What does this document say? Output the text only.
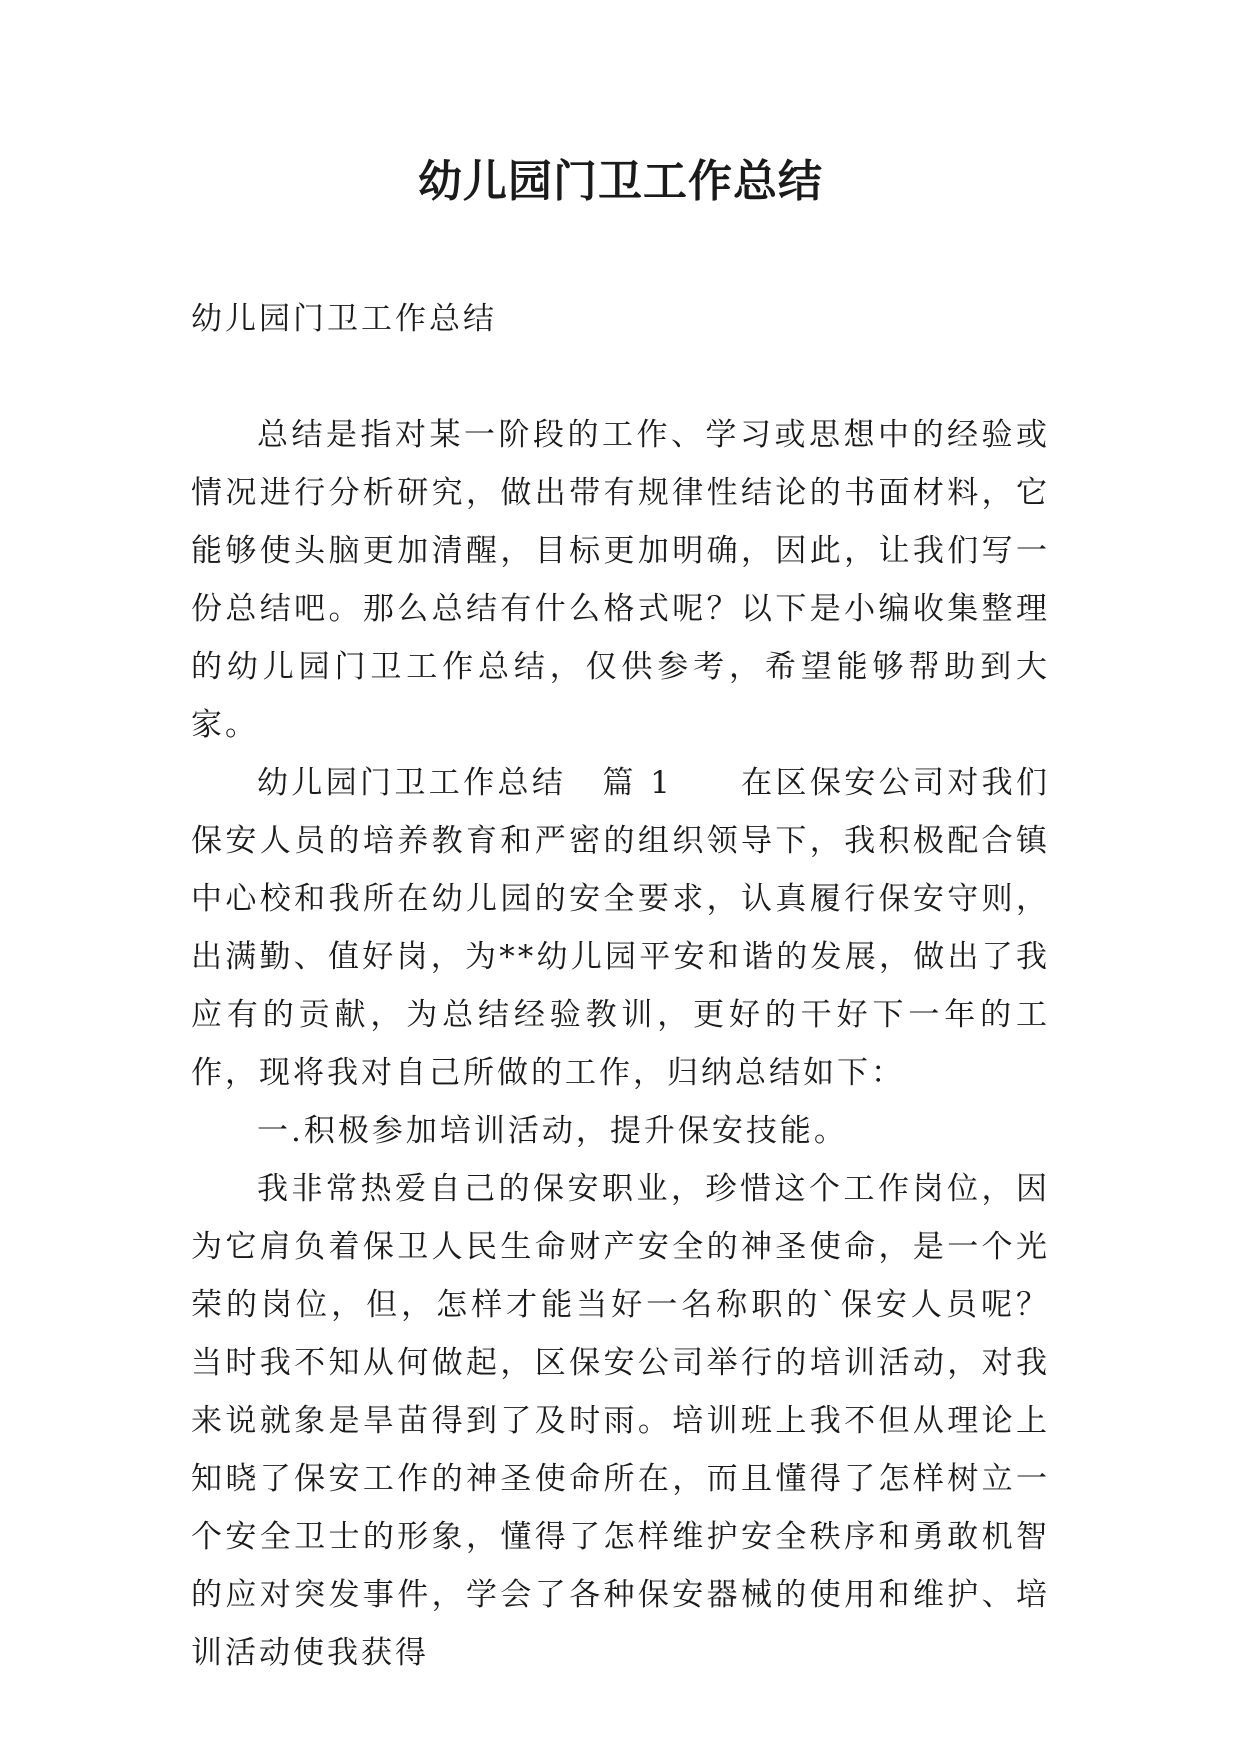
幼儿园门卫工作总结

幼儿园门卫工作总结

总结是指对某一阶段的工作、学习或思想中的经验或情况进行分析研究，做出带有规律性结论的书面材料，它能够使头脑更加清醒，目标更加明确，因此，让我们写一份总结吧。那么总结有什么格式呢？以下是小编收集整理的幼儿园门卫工作总结，仅供参考，希望能够帮助到大家。

幼儿园门卫工作总结 篇 1 在区保安公司对我们保安人员的培养教育和严密的组织领导下，我积极配合镇中心校和我所在幼儿园的安全要求，认真履行保安守则，出满勤、值好岗，为**幼儿园平安和谐的发展，做出了我应有的贡献，为总结经验教训，更好的干好下一年的工作，现将我对自己所做的工作，归纳总结如下：

一.积极参加培训活动，提升保安技能。

我非常热爱自己的保安职业，珍惜这个工作岗位，因为它肩负着保卫人民生命财产安全的神圣使命，是一个光荣的岗位，但，怎样才能当好一名称职的`保安人员呢？当时我不知从何做起，区保安公司举行的培训活动，对我来说就象是旱苗得到了及时雨。培训班上我不但从理论上知晓了保安工作的神圣使命所在，而且懂得了怎样树立一个安全卫士的形象，懂得了怎样维护安全秩序和勇敢机智的应对突发事件，学会了各种保安器械的使用和维护、培训活动使我获得
